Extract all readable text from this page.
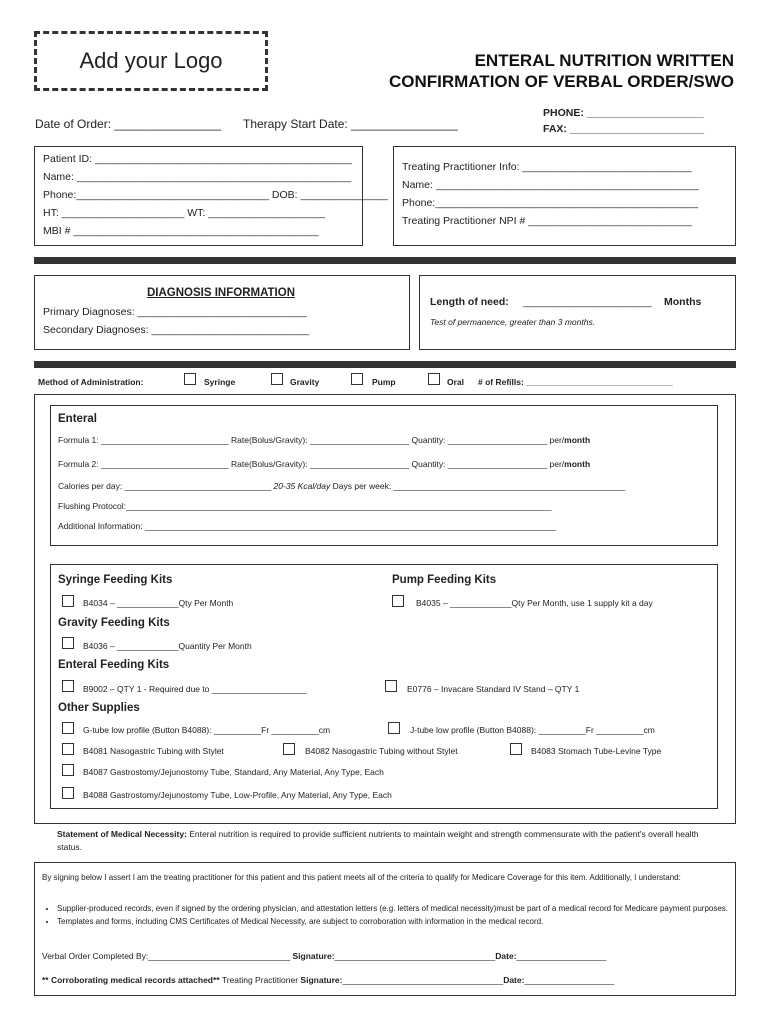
Add your Logo	ENTERAL NUTRITION WRITTEN
CONFIRMATION OF VERBAL ORDER/SWO
PHONE: ____________________
FAX: _______________________
Date of Order: ________________ Therapy Start Date: ________________
Patient ID: ____________________________________________
Name: _______________________________________________
Phone:_________________________________ DOB: _______________
HT: _____________________ WT: ____________________
MBI # __________________________________________
Treating Practitioner Info: _____________________________
Name: _____________________________________________
Phone:_____________________________________________
Treating Practitioner NPI # ____________________________
DIAGNOSIS INFORMATION
Primary Diagnoses: _____________________________
Secondary Diagnoses: ___________________________
Length of need: ______________________ Months
Test of permanence, greater than 3 months.
Method of Administration:	Syringe	Gravity	Pump	Oral # of Refills: _______________________________
Enteral
Formula 1: ___________________________ Rate(Bolus/Gravity): _____________________ Quantity: _____________________ per/month
Formula 2: ___________________________ Rate(Bolus/Gravity): _____________________ Quantity: _____________________ per/month
Calories per day: _______________________________ 20-35 Kcal/day Days per week: _________________________________________________
Flushing Protocol:__________________________________________________________________________________________
Additional Information: _______________________________________________________________________________________
Syringe Feeding Kits
B4034 – _____________Qty Per Month
Pump Feeding Kits
B4035 – _____________Qty Per Month, use 1 supply kit a day
Gravity Feeding Kits
B4036 – _____________Quantity Per Month
Enteral Feeding Kits
B9002 – QTY 1 - Required due to ____________________	E0776 – Invacare Standard IV Stand – QTY 1
Other Supplies
G-tube low profile (Button B4088): __________Fr __________cm	J-tube low profile (Button B4088): __________Fr __________cm
B4081 Nasogastric Tubing with Stylet	B4082 Nasogastric Tubing without Stylet	B4083 Stomach Tube-Levine Type
B4087 Gastrostomy/Jejunostomy Tube, Standard, Any Material, Any Type, Each
B4088 Gastrostomy/Jejunostomy Tube, Low-Profile, Any Material, Any Type, Each
Statement of Medical Necessity: Enteral nutrition is required to provide sufficient nutrients to maintain weight and strength commensurate with the patient's overall health status.
By signing below I assert I am the treating practitioner for this patient and this patient meets all of the criteria to qualify for Medicare Coverage for this item. Additionally, I understand:
• Supplier-produced records, even if signed by the ordering physician, and attestation letters (e.g. letters of medical necessity)must be part of a medical record for Medicare payment purposes.
• Templates and forms, including CMS Certificates of Medical Necessity, are subject to corroboration with information in the medical record.
Verbal Order Completed By:______________________________ Signature:__________________________________Date:___________________
** Corroborating medical records attached** Treating Practitioner Signature:__________________________________Date:___________________
